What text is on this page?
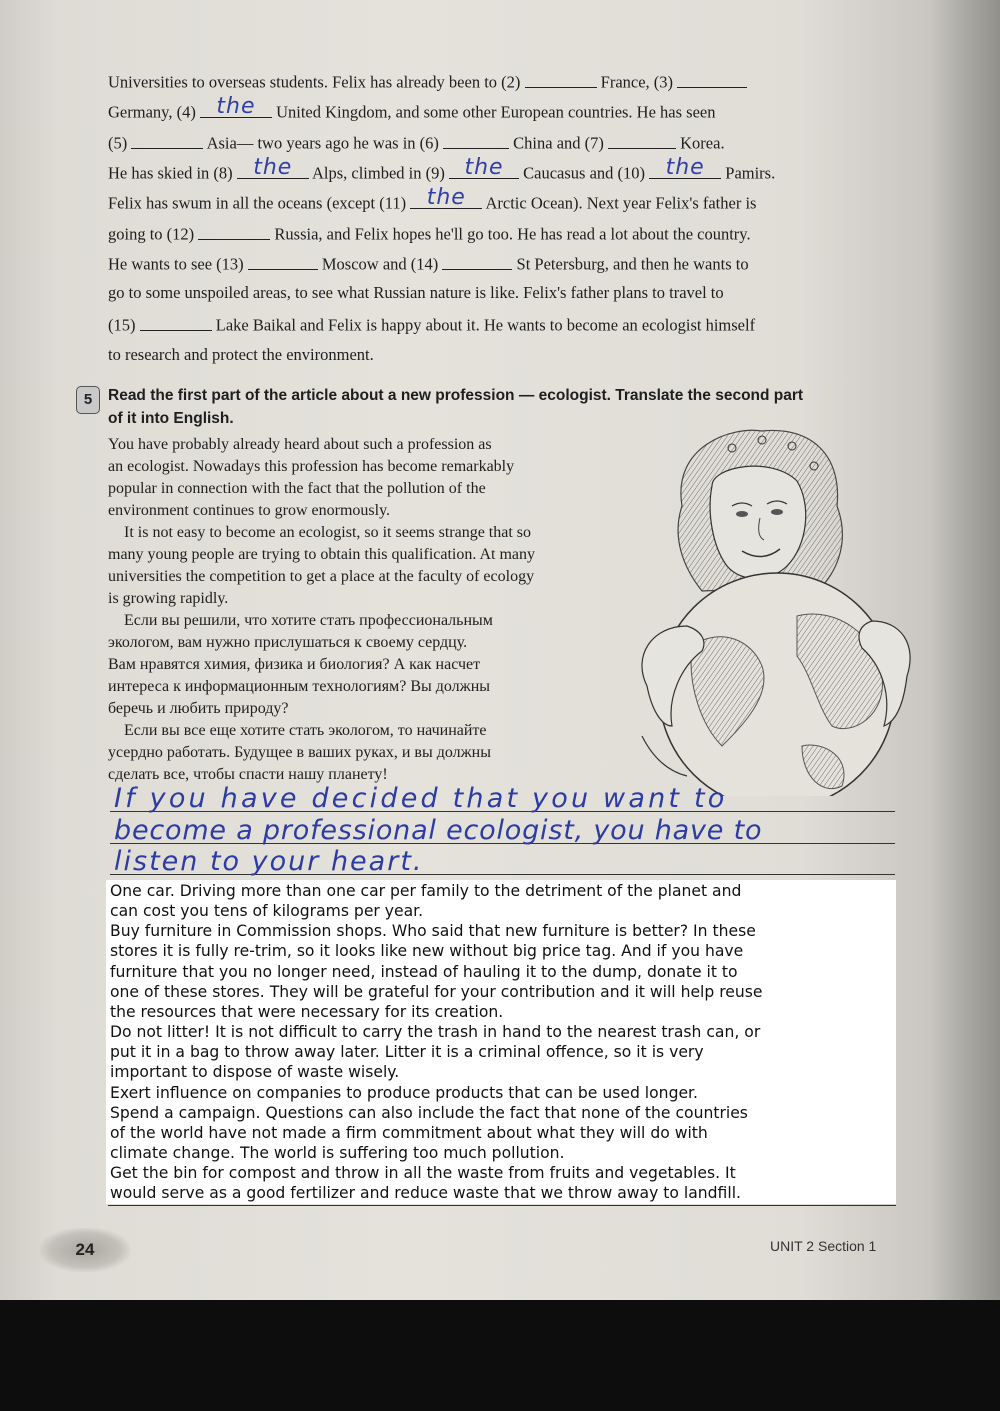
Universities to overseas students. Felix has already been to (2)	France, (3)
Germany, (4) the United Kingdom, and some other European countries. He has seen
(5)	Asia— two years ago he was in (6)	China and (7)	Korea.
He has skied in (8) the Alps, climbed in (9) the Caucasus and (10) the Pamirs.
Felix has swum in all the oceans (except (11) the Arctic Ocean). Next year Felix's father is
going to (12)	Russia, and Felix hopes he'll go too. He has read a lot about the country.
He wants to see (13)	Moscow and (14)	St Petersburg, and then he wants to
go to some unspoiled areas, to see what Russian nature is like. Felix's father plans to travel to
(15)	Lake Baikal and Felix is happy about it. He wants to become an ecologist himself
to research and protect the environment.
5	Read the first part of the article about a new profession — ecologist. Translate the second part
of it into English.
You have probably already heard about such a profession as
an ecologist. Nowadays this profession has become remarkably
popular in connection with the fact that the pollution of the
environment continues to grow enormously.
It is not easy to become an ecologist, so it seems strange that so
many young people are trying to obtain this qualification. At many
universities the competition to get a place at the faculty of ecology
is growing rapidly.
Если вы решили, что хотите стать профессиональным
экологом, вам нужно прислушаться к своему сердцу.
Вам нравятся химия, физика и биология? А как насчет
интереса к информационным технологиям? Вы должны
беречь и любить природу?
Если вы все еще хотите стать экологом, то начинайте
усердно работать. Будущее в ваших руках, и вы должны
сделать все, чтобы спасти нашу планету!
If you have decided that you want to
become a professional ecologist, you have to
listen to your heart.
One car. Driving more than one car per family to the detriment of the planet and
can cost you tens of kilograms per year.
Buy furniture in Commission shops. Who said that new furniture is better? In these
stores it is fully re-trim, so it looks like new without big price tag. And if you have
furniture that you no longer need, instead of hauling it to the dump, donate it to
one of these stores. They will be grateful for your contribution and it will help reuse
the resources that were necessary for its creation.
Do not litter! It is not difficult to carry the trash in hand to the nearest trash can, or
put it in a bag to throw away later. Litter it is a criminal offence, so it is very
important to dispose of waste wisely.
Exert influence on companies to produce products that can be used longer.
Spend a campaign. Questions can also include the fact that none of the countries
of the world have not made a firm commitment about what they will do with
climate change. The world is suffering too much pollution.
Get the bin for compost and throw in all the waste from fruits and vegetables. It
would serve as a good fertilizer and reduce waste that we throw away to landfill.
24	UNIT 2 Section 1
